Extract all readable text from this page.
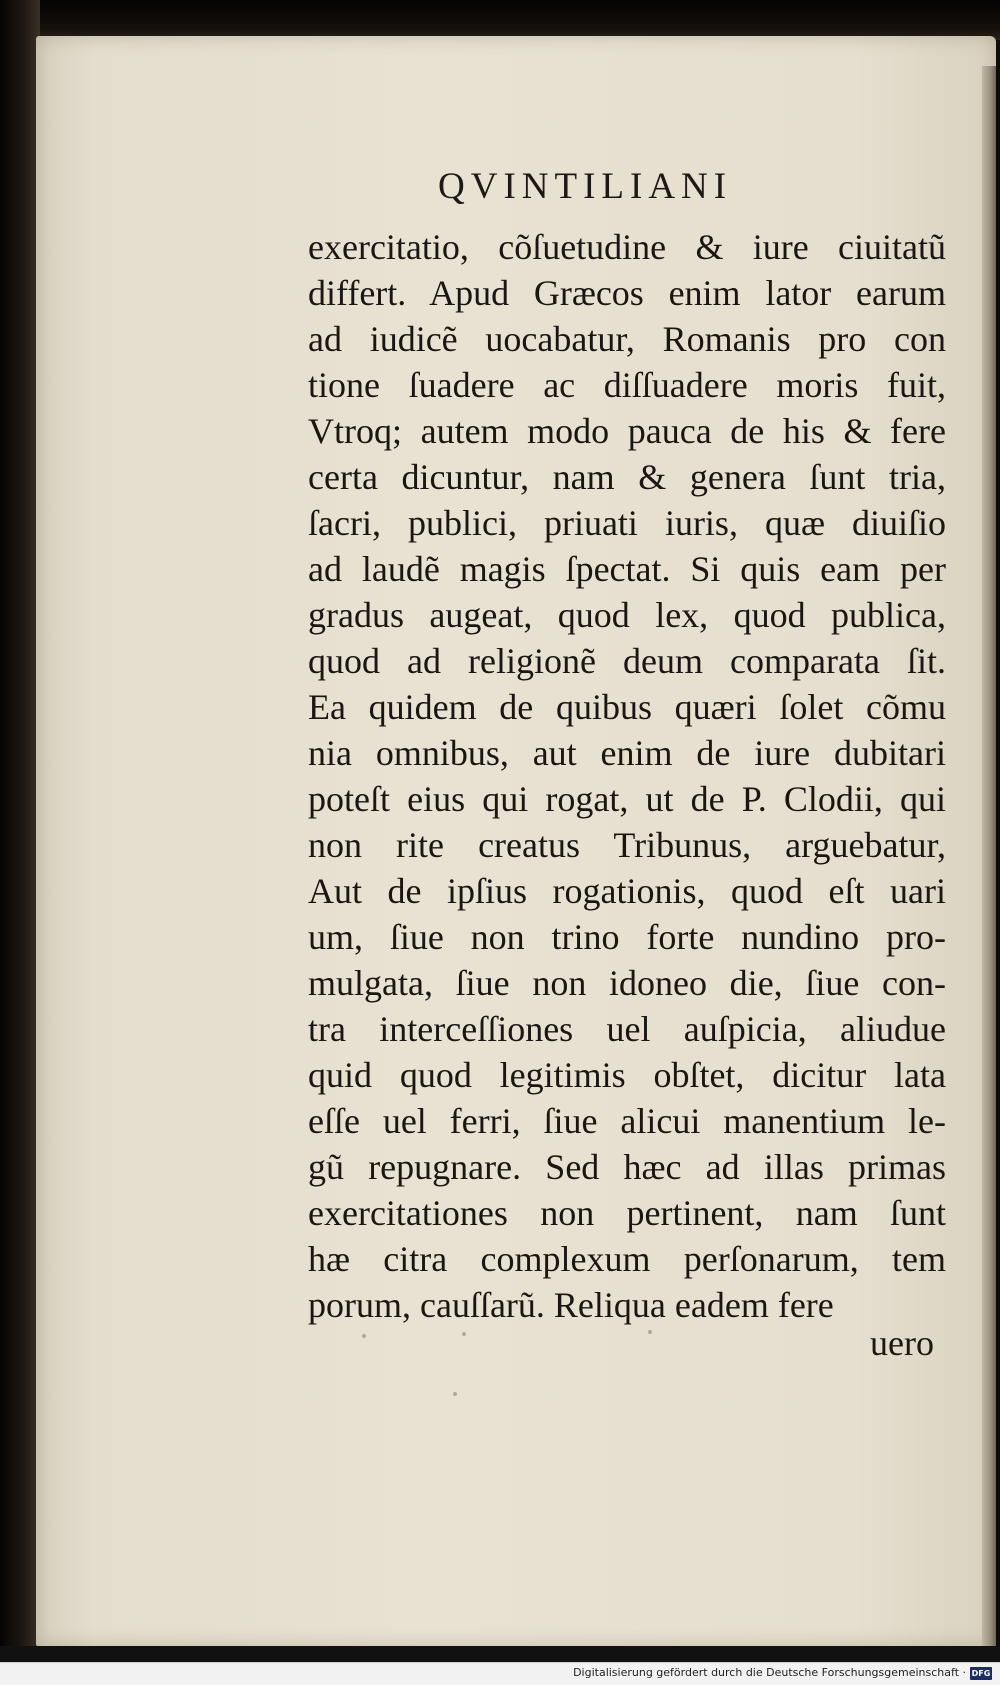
QVINTILIANI
exercitatio, cõſuetudine & iure ciuitatũ
differt. Apud Græcos enim lator earum
ad iudicẽ uocabatur, Romanis pro con
tione ſuadere ac diſſuadere moris fuit,
Vtroq; autem modo pauca de his & fere
certa dicuntur, nam & genera ſunt tria,
ſacri, publici, priuati iuris, quæ diuiſio
ad laudẽ magis ſpectat. Si quis eam per
gradus augeat, quod lex, quod publica,
quod ad religionẽ deum comparata ſit.
Ea quidem de quibus quæri ſolet cõmu
nia omnibus, aut enim de iure dubitari
poteſt eius qui rogat, ut de P. Clodii, qui
non rite creatus Tribunus, arguebatur,
Aut de ipſius rogationis, quod eſt uari
um, ſiue non trino forte nundino pro-
mulgata, ſiue non idoneo die, ſiue con-
tra interceſſiones uel auſpicia, aliudue
quid quod legitimis obſtet, dicitur lata
eſſe uel ferri, ſiue alicui manentium le-
gũ repugnare. Sed hæc ad illas primas
exercitationes non pertinent, nam ſunt
hæ citra complexum perſonarum, tem
porum, cauſſarũ. Reliqua eadem fere
uero
Digitalisierung gefördert durch die Deutsche Forschungsgemeinschaft · DFG
